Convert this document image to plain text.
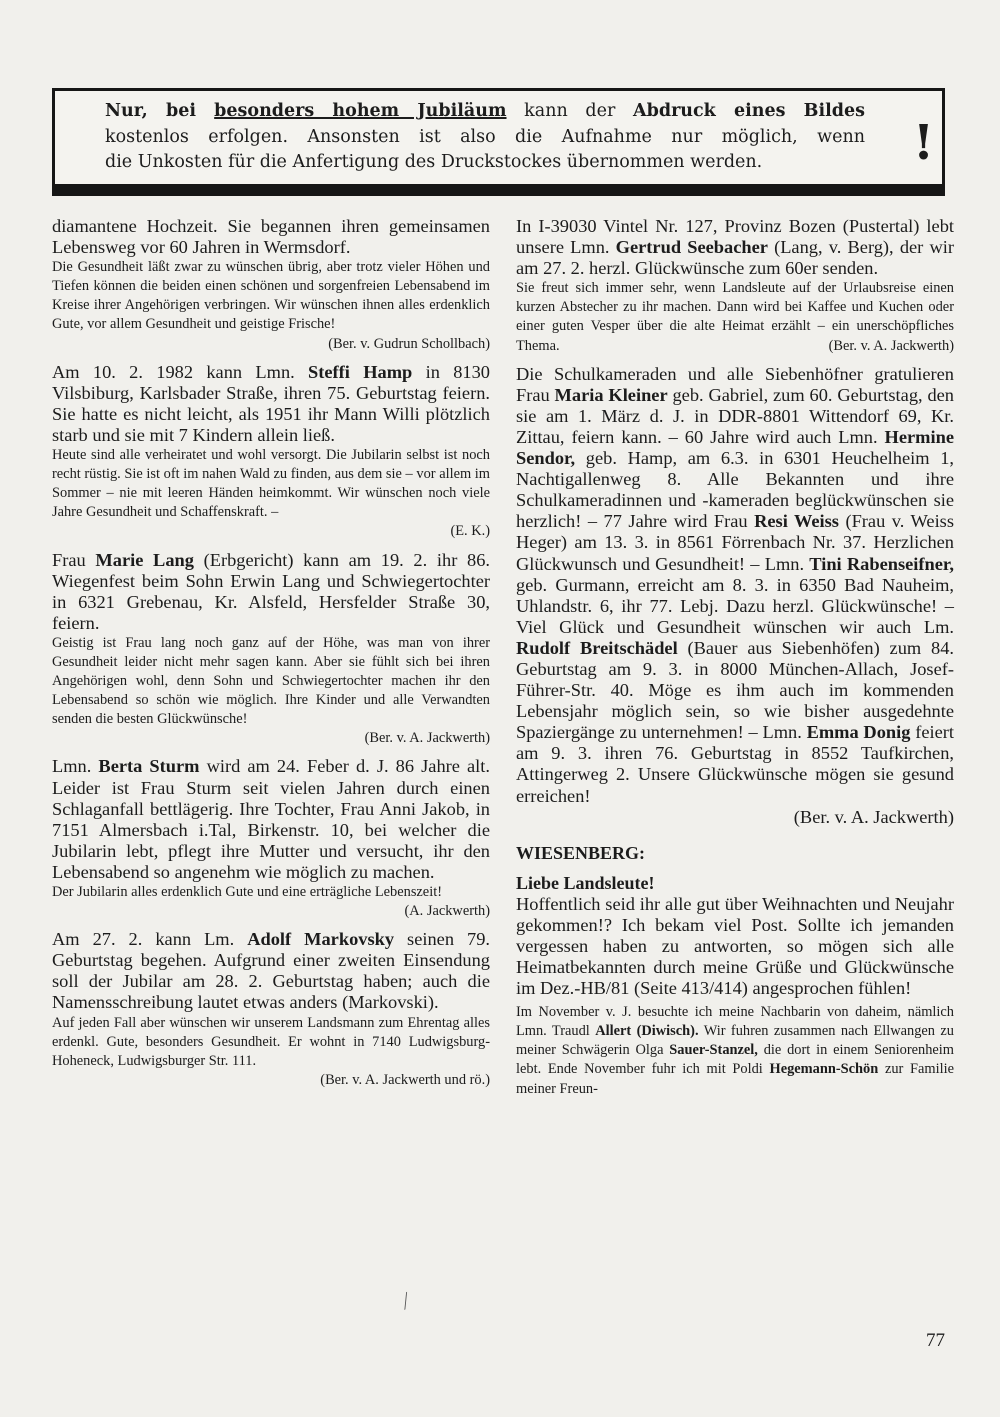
Nur, bei besonders hohem Jubiläum kann der Abdruck eines Bildes

kostenlos erfolgen. Ansonsten ist also die Aufnahme nur möglich, wenn

die Unkosten für die Anfertigung des Druckstockes übernommen werden.	!

diamantene Hochzeit. Sie begannen ihren gemeinsamen Lebensweg vor 60 Jahren in Wermsdorf.

Die Gesundheit läßt zwar zu wünschen übrig, aber trotz vieler Höhen und Tiefen können die beiden einen schönen und sorgenfreien Lebensabend im Kreise ihrer Angehörigen verbringen. Wir wünschen ihnen alles erdenklich Gute, vor allem Gesundheit und geistige Frische!

(Ber. v. Gudrun Schollbach)

Am 10. 2. 1982 kann Lmn. Steffi Hamp in 8130 Vilsbiburg, Karlsbader Straße, ihren 75. Geburtstag feiern. Sie hatte es nicht leicht, als 1951 ihr Mann Willi plötzlich starb und sie mit 7 Kindern allein ließ.

Heute sind alle verheiratet und wohl versorgt. Die Jubilarin selbst ist noch recht rüstig. Sie ist oft im nahen Wald zu finden, aus dem sie – vor allem im Sommer – nie mit leeren Händen heimkommt. Wir wünschen noch viele Jahre Gesundheit und Schaffenskraft. –

(E. K.)

Frau Marie Lang (Erbgericht) kann am 19. 2. ihr 86. Wiegenfest beim Sohn Erwin Lang und Schwiegertochter in 6321 Grebenau, Kr. Alsfeld, Hersfelder Straße 30, feiern.

Geistig ist Frau lang noch ganz auf der Höhe, was man von ihrer Gesundheit leider nicht mehr sagen kann. Aber sie fühlt sich bei ihren Angehörigen wohl, denn Sohn und Schwiegertochter machen ihr den Lebensabend so schön wie möglich. Ihre Kinder und alle Verwandten senden die besten Glückwünsche!

(Ber. v. A. Jackwerth)

Lmn. Berta Sturm wird am 24. Feber d. J. 86 Jahre alt. Leider ist Frau Sturm seit vielen Jahren durch einen Schlaganfall bettlägerig. Ihre Tochter, Frau Anni Jakob, in 7151 Almersbach i.Tal, Birkenstr. 10, bei welcher die Jubilarin lebt, pflegt ihre Mutter und versucht, ihr den Lebensabend so angenehm wie möglich zu machen.

Der Jubilarin alles erdenklich Gute und eine erträgliche Lebenszeit!

(A. Jackwerth)

Am 27. 2. kann Lm. Adolf Markovsky seinen 79. Geburtstag begehen. Aufgrund einer zweiten Einsendung soll der Jubilar am 28. 2. Geburtstag haben; auch die Namensschreibung lautet etwas anders (Markovski).

Auf jeden Fall aber wünschen wir unserem Landsmann zum Ehrentag alles erdenkl. Gute, besonders Gesundheit. Er wohnt in 7140 Ludwigsburg-Hoheneck, Ludwigsburger Str. 111.

(Ber. v. A. Jackwerth und rö.)

In I-39030 Vintel Nr. 127, Provinz Bozen (Pustertal) lebt unsere Lmn. Gertrud Seebacher (Lang, v. Berg), der wir am 27. 2. herzl. Glückwünsche zum 60er senden.

Sie freut sich immer sehr, wenn Landsleute auf der Urlaubsreise einen kurzen Abstecher zu ihr machen. Dann wird bei Kaffee und Kuchen oder einer guten Vesper über die alte Heimat erzählt – ein unerschöpfliches Thema.	(Ber. v. A. Jackwerth)

Die Schulkameraden und alle Siebenhöfner gratulieren Frau Maria Kleiner geb. Gabriel, zum 60. Geburtstag, den sie am 1. März d. J. in DDR-8801 Wittendorf 69, Kr. Zittau, feiern kann. – 60 Jahre wird auch Lmn. Hermine Sendor, geb. Hamp, am 6.3. in 6301 Heuchelheim 1, Nachtigallenweg 8. Alle Bekannten und ihre Schulkameradinnen und -kameraden beglückwünschen sie herzlich! – 77 Jahre wird Frau Resi Weiss (Frau v. Weiss Heger) am 13. 3. in 8561 Förrenbach Nr. 37. Herzlichen Glückwunsch und Gesundheit! – Lmn. Tini Rabenseifner, geb. Gurmann, erreicht am 8. 3. in 6350 Bad Nauheim, Uhlandstr. 6, ihr 77. Lebj. Dazu herzl. Glückwünsche! – Viel Glück und Gesundheit wünschen wir auch Lm. Rudolf Breitschädel (Bauer aus Siebenhöfen) zum 84. Geburtstag am 9. 3. in 8000 München-Allach, Josef-Führer-Str. 40. Möge es ihm auch im kommenden Lebensjahr möglich sein, so wie bisher ausgedehnte Spaziergänge zu unternehmen! – Lmn. Emma Donig feiert am 9. 3. ihren 76. Geburtstag in 8552 Taufkirchen, Attingerweg 2. Unsere Glückwünsche mögen sie gesund erreichen!

(Ber. v. A. Jackwerth)

WIESENBERG:

Liebe Landsleute!

Hoffentlich seid ihr alle gut über Weihnachten und Neujahr gekommen!? Ich bekam viel Post. Sollte ich jemanden vergessen haben zu antworten, so mögen sich alle Heimatbekannten durch meine Grüße und Glückwünsche im Dez.-HB/81 (Seite 413/414) angesprochen fühlen!

Im November v. J. besuchte ich meine Nachbarin von daheim, nämlich Lmn. Traudl Allert (Diwisch). Wir fuhren zusammen nach Ellwangen zu meiner Schwägerin Olga Sauer-Stanzel, die dort in einem Seniorenheim lebt. Ende November fuhr ich mit Poldi Hegemann-Schön zur Familie meiner Freun-

⁄
77
